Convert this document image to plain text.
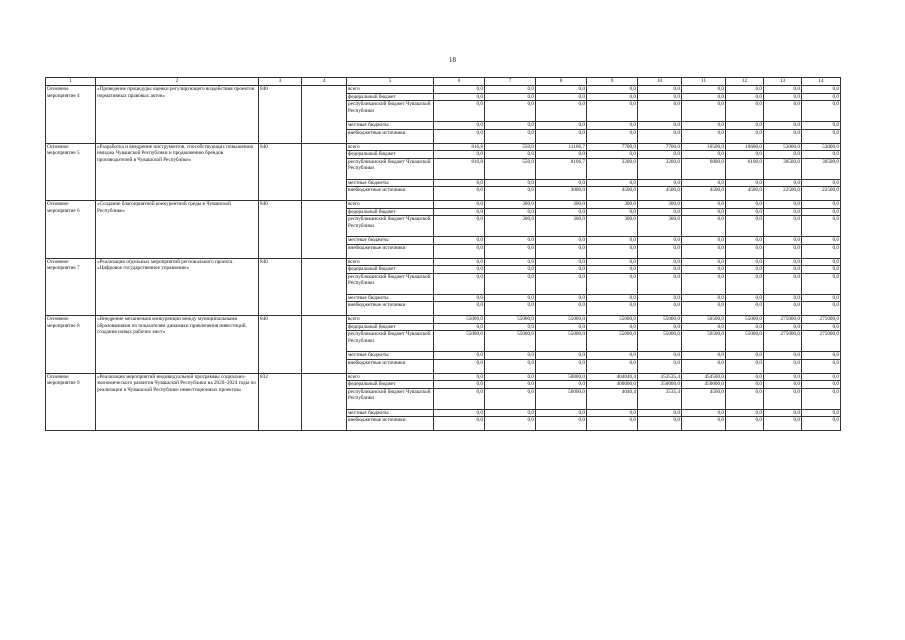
18
1	2	3	4	5	6	7	8	9	10	11	12	13	14
Основное мероприятие 4	«Проведение процедуры оценки регулирующего воздействия проектов нормативных правовых актов»	840		всего	0,0	0,0	0,0	0,0	0,0	0,0	0,0	0,0	0,0
				федеральный бюджет	0,0	0,0	0,0	0,0	0,0	0,0	0,0	0,0	0,0
				республиканский бюджет Чувашской Республики	0,0	0,0	0,0	0,0	0,0	0,0	0,0	0,0	0,0
				местные бюджеты	0,0	0,0	0,0	0,0	0,0	0,0	0,0	0,0	0,0
				внебюджетные источники	0,0	0,0	0,0	0,0	0,0	0,0	0,0	0,0	0,0
Основное мероприятие 5	«Разработка и внедрение инструментов, способствующих повышению имиджа Чувашской Республики и продвижению брендов производителей в Чувашской Республике»	840		всего	816,8	550,0	11106,7	7700,0	7700,0	10500,0	10600,0	53000,0	53000,0
				федеральный бюджет	0,0	0,0	0,0	0,0	0,0	0,0	0,0	0,0	0,0
				республиканский бюджет Чувашской Республики	816,8	550,0	8106,7	3200,0	3200,0	6000,0	6100,0	30500,0	30500,0
				местные бюджеты	0,0	0,0	0,0	0,0	0,0	0,0	0,0	0,0	0,0
				внебюджетные источники	0,0	0,0	3000,0	4500,0	4500,0	4500,0	4500,0	22500,0	22500,0
Основное мероприятие 6	«Создание благоприятной конкурентной среды в Чувашской Республике»	840		всего	0,0	300,0	300,0	300,0	300,0	0,0	0,0	0,0	0,0
				федеральный бюджет	0,0	0,0	0,0	0,0	0,0	0,0	0,0	0,0	0,0
				республиканский бюджет Чувашской Республики	0,0	300,0	300,0	300,0	300,0	0,0	0,0	0,0	0,0
				местные бюджеты	0,0	0,0	0,0	0,0	0,0	0,0	0,0	0,0	0,0
				внебюджетные источники	0,0	0,0	0,0	0,0	0,0	0,0	0,0	0,0	0,0
Основное мероприятие 7	«Реализация отдельных мероприятий регионального проекта «Цифровое государственное управление»	840		всего	0,0	0,0	0,0	0,0	0,0	0,0	0,0	0,0	0,0
				федеральный бюджет	0,0	0,0	0,0	0,0	0,0	0,0	0,0	0,0	0,0
				республиканский бюджет Чувашской Республики	0,0	0,0	0,0	0,0	0,0	0,0	0,0	0,0	0,0
				местные бюджеты	0,0	0,0	0,0	0,0	0,0	0,0	0,0	0,0	0,0
				внебюджетные источники	0,0	0,0	0,0	0,0	0,0	0,0	0,0	0,0	0,0
Основное мероприятие 8	«Внедрение механизмов конкуренции между муниципальными образованиями по показателям динамики привлечения инвестиций, создания новых рабочих мест»	840		всего	55000,0	55000,0	55000,0	55000,0	55000,0	50500,0	55000,0	275000,0	275000,0
				федеральный бюджет	0,0	0,0	0,0	0,0	0,0	0,0	0,0	0,0	0,0
				республиканский бюджет Чувашской Республики	55000,0	55000,0	55000,0	55000,0	55000,0	50500,0	55000,0	275000,0	275000,0
				местные бюджеты	0,0	0,0	0,0	0,0	0,0	0,0	0,0	0,0	0,0
				внебюджетные источники	0,0	0,0	0,0	0,0	0,0	0,0	0,0	0,0	0,0
Основное мероприятие 9	«Реализация мероприятий индивидуальной программы социально-экономического развития Чувашской Республики на 2020–2024 годы по реализации в Чувашской Республике инвестиционных проектов»	832		всего	0,0	0,0	50000,0	404040,4	353535,4	454500,0	0,0	0,0	0,0
				федеральный бюджет	0,0	0,0	0,0	400000,0	350000,0	450000,0	0,0	0,0	0,0
				республиканский бюджет Чувашской Республики	0,0	0,0	50000,0	4040,4	3535,4	4500,0	0,0	0,0	0,0
				местные бюджеты	0,0	0,0	0,0	0,0	0,0	0,0	0,0	0,0	0,0
				внебюджетные источники	0,0	0,0	0,0	0,0	0,0	0,0	0,0	0,0	0,0
